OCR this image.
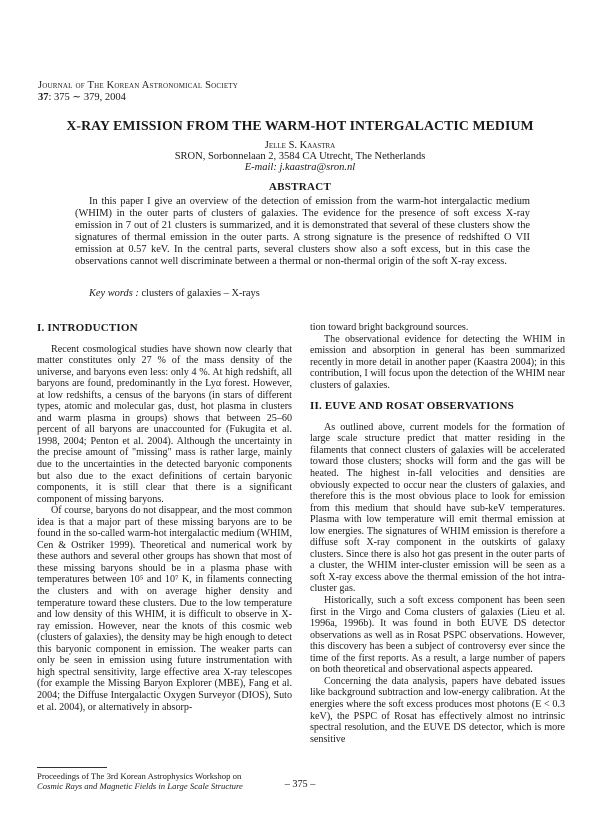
Journal of The Korean Astronomical Society
37: 375 ∼ 379, 2004
X-RAY EMISSION FROM THE WARM-HOT INTERGALACTIC MEDIUM
Jelle S. Kaastra
SRON, Sorbonnelaan 2, 3584 CA Utrecht, The Netherlands
E-mail: j.kaastra@sron.nl
ABSTRACT

In this paper I give an overview of the detection of emission from the warm-hot intergalactic medium (WHIM) in the outer parts of clusters of galaxies. The evidence for the presence of soft excess X-ray emission in 7 out of 21 clusters is summarized, and it is demonstrated that several of these clusters show the signatures of thermal emission in the outer parts. A strong signature is the presence of redshifted O VII emission at 0.57 keV. In the central parts, several clusters show also a soft excess, but in this case the observations cannot well discriminate between a thermal or non-thermal origin of the soft X-ray excess.

Key words : clusters of galaxies – X-rays

I. INTRODUCTION

Recent cosmological studies have shown now clearly that matter constitutes only 27 % of the mass density of the universe, and baryons even less: only 4 %. At high redshift, all baryons are found, predominantly in the Lyα forest. However, at low redshifts, a census of the baryons (in stars of different types, atomic and molecular gas, dust, hot plasma in clusters and warm plasma in groups) shows that between 25–60 percent of all baryons are unaccounted for (Fukugita et al. 1998, 2004; Penton et al. 2004). Although the uncertainty in the precise amount of "missing" mass is rather large, mainly due to the uncertainties in the detected baryonic components but also due to the exact definitions of certain baryonic components, it is still clear that there is a significant component of missing baryons.

Of course, baryons do not disappear, and the most common idea is that a major part of these missing baryons are to be found in the so-called warm-hot intergalactic medium (WHIM, Cen & Ostriker 1999). Theoretical and numerical work by these authors and several other groups has shown that most of these missing baryons should be in a plasma phase with temperatures between 10⁵ and 10⁷ K, in filaments connecting the clusters and with on average higher density and temperature toward these clusters. Due to the low temperature and low density of this WHIM, it is difficult to observe in X-ray emission. However, near the knots of this cosmic web (clusters of galaxies), the density may be high enough to detect this baryonic component in emission. The weaker parts can only be seen in emission using future instrumentation with high spectral sensitivity, large effective area X-ray telescopes (for example the Missing Baryon Explorer (MBE), Fang et al. 2004; the Diffuse Intergalactic Oxygen Surveyor (DIOS), Suto et al. 2004), or alternatively in absorp-

tion toward bright background sources.

The observational evidence for detecting the WHIM in emission and absorption in general has been summarized recently in more detail in another paper (Kaastra 2004); in this contribution, I will focus upon the detection of the WHIM near clusters of galaxies.

II. EUVE AND ROSAT OBSERVATIONS

As outlined above, current models for the formation of large scale structure predict that matter residing in the filaments that connect clusters of galaxies will be accelerated toward those clusters; shocks will form and the gas will be heated. The highest in-fall velocities and densities are obviously expected to occur near the clusters of galaxies, and therefore this is the most obvious place to look for emission from this medium that should have sub-keV temperatures. Plasma with low temperature will emit thermal emission at low energies. The signatures of WHIM emission is therefore a diffuse soft X-ray component in the outskirts of galaxy clusters. Since there is also hot gas present in the outer parts of a cluster, the WHIM inter-cluster emission will be seen as a soft X-ray excess above the thermal emission of the hot intra-cluster gas.

Historically, such a soft excess component has been seen first in the Virgo and Coma clusters of galaxies (Lieu et al. 1996a, 1996b). It was found in both EUVE DS detector observations as well as in Rosat PSPC observations. However, this discovery has been a subject of controversy ever since the time of the first reports. As a result, a large number of papers on both theoretical and observational aspects appeared.

Concerning the data analysis, papers have debated issues like background subtraction and low-energy calibration. At the energies where the soft excess produces most photons (E < 0.3 keV), the PSPC of Rosat has effectively almost no intrinsic spectral resolution, and the EUVE DS detector, which is more sensitive

Proceedings of The 3rd Korean Astrophysics Workshop on
Cosmic Rays and Magnetic Fields in Large Scale Structure	– 375 –
